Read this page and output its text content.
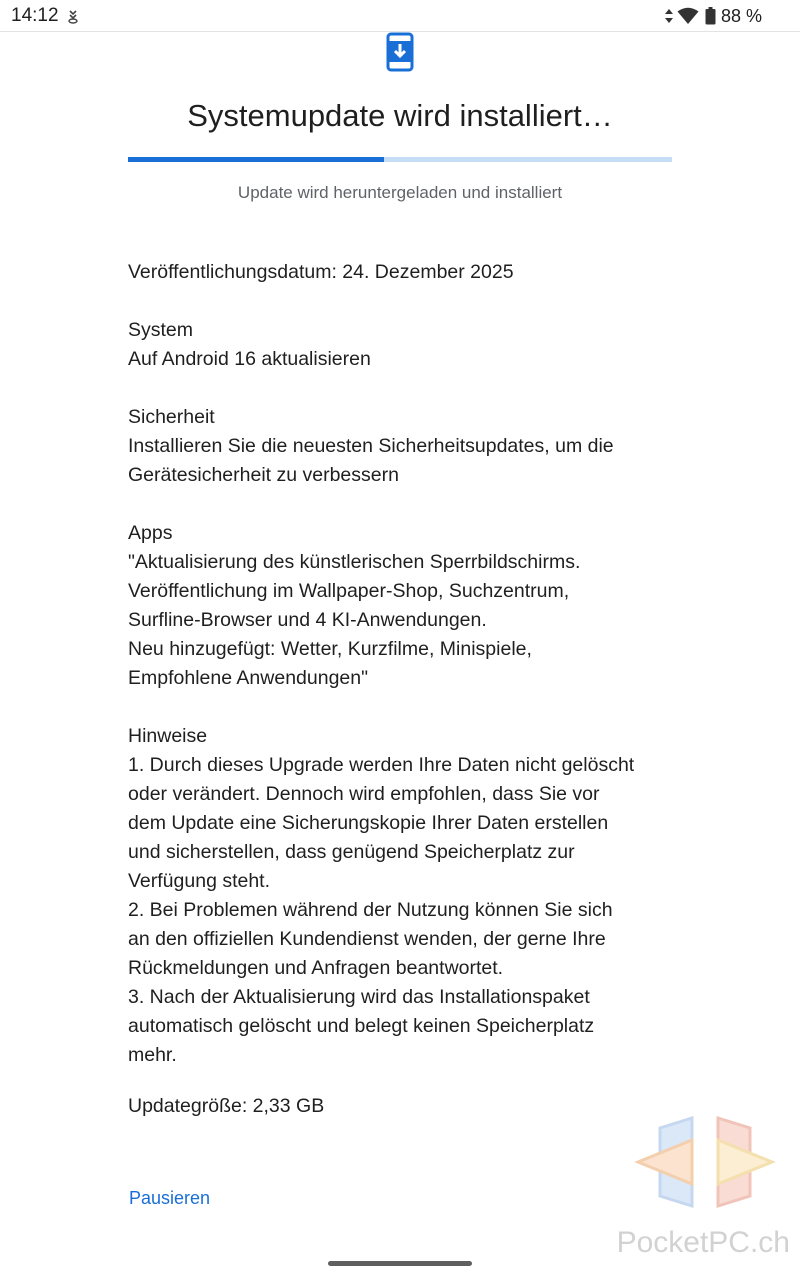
14:12	88 %
Systemupdate wird installiert…
Update wird heruntergeladen und installiert

Veröffentlichungsdatum: 24. Dezember 2025

System

Auf Android 16 aktualisieren

Sicherheit

Installieren Sie die neuesten Sicherheitsupdates, um die
Gerätesicherheit zu verbessern

Apps

"Aktualisierung des künstlerischen Sperrbildschirms.
Veröffentlichung im Wallpaper-Shop, Suchzentrum,
Surfline-Browser und 4 KI-Anwendungen.
Neu hinzugefügt: Wetter, Kurzfilme, Minispiele,
Empfohlene Anwendungen"

Hinweise

1. Durch dieses Upgrade werden Ihre Daten nicht gelöscht
oder verändert. Dennoch wird empfohlen, dass Sie vor
dem Update eine Sicherungskopie Ihrer Daten erstellen
und sicherstellen, dass genügend Speicherplatz zur
Verfügung steht.
2. Bei Problemen während der Nutzung können Sie sich
an den offiziellen Kundendienst wenden, der gerne Ihre
Rückmeldungen und Anfragen beantwortet.
3. Nach der Aktualisierung wird das Installationspaket
automatisch gelöscht und belegt keinen Speicherplatz
mehr.

Updategröße: 2,33 GB

Pausieren
PocketPC.ch
